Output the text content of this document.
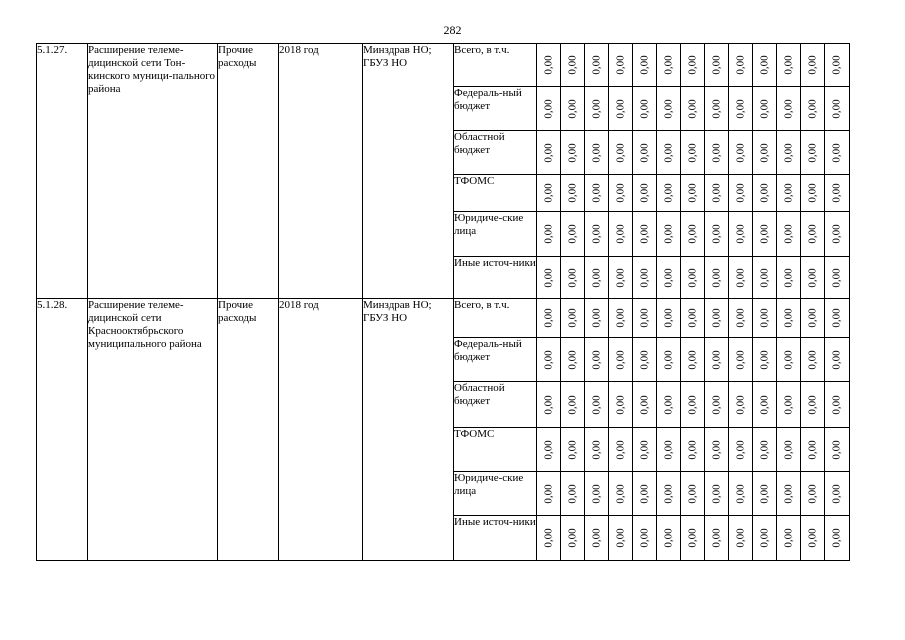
282
5.1.27.	Расширение телеме-дицинской сети Тон-кинского муници-пального района	Прочие расходы	2018 год	Минздрав НО; ГБУЗ НО	Всего, в т.ч.	0,00	0,00	0,00	0,00	0,00	0,00	0,00	0,00	0,00	0,00	0,00	0,00	0,00

					Федераль-ный бюджет	0,00	0,00	0,00	0,00	0,00	0,00	0,00	0,00	0,00	0,00	0,00	0,00	0,00

					Областной бюджет	0,00	0,00	0,00	0,00	0,00	0,00	0,00	0,00	0,00	0,00	0,00	0,00	0,00

					ТФОМС	0,00	0,00	0,00	0,00	0,00	0,00	0,00	0,00	0,00	0,00	0,00	0,00	0,00

					Юридиче-ские лица	0,00	0,00	0,00	0,00	0,00	0,00	0,00	0,00	0,00	0,00	0,00	0,00	0,00

					Иные источ-ники	0,00	0,00	0,00	0,00	0,00	0,00	0,00	0,00	0,00	0,00	0,00	0,00	0,00

5.1.28.	Расширение телеме-дицинской сети Краснооктябрьского муниципального района	Прочие расходы	2018 год	Минздрав НО; ГБУЗ НО	Всего, в т.ч.	0,00	0,00	0,00	0,00	0,00	0,00	0,00	0,00	0,00	0,00	0,00	0,00	0,00

					Федераль-ный бюджет	0,00	0,00	0,00	0,00	0,00	0,00	0,00	0,00	0,00	0,00	0,00	0,00	0,00

					Областной бюджет	0,00	0,00	0,00	0,00	0,00	0,00	0,00	0,00	0,00	0,00	0,00	0,00	0,00

					ТФОМС	0,00	0,00	0,00	0,00	0,00	0,00	0,00	0,00	0,00	0,00	0,00	0,00	0,00

					Юридиче-ские лица	0,00	0,00	0,00	0,00	0,00	0,00	0,00	0,00	0,00	0,00	0,00	0,00	0,00

					Иные источ-ники	0,00	0,00	0,00	0,00	0,00	0,00	0,00	0,00	0,00	0,00	0,00	0,00	0,00
